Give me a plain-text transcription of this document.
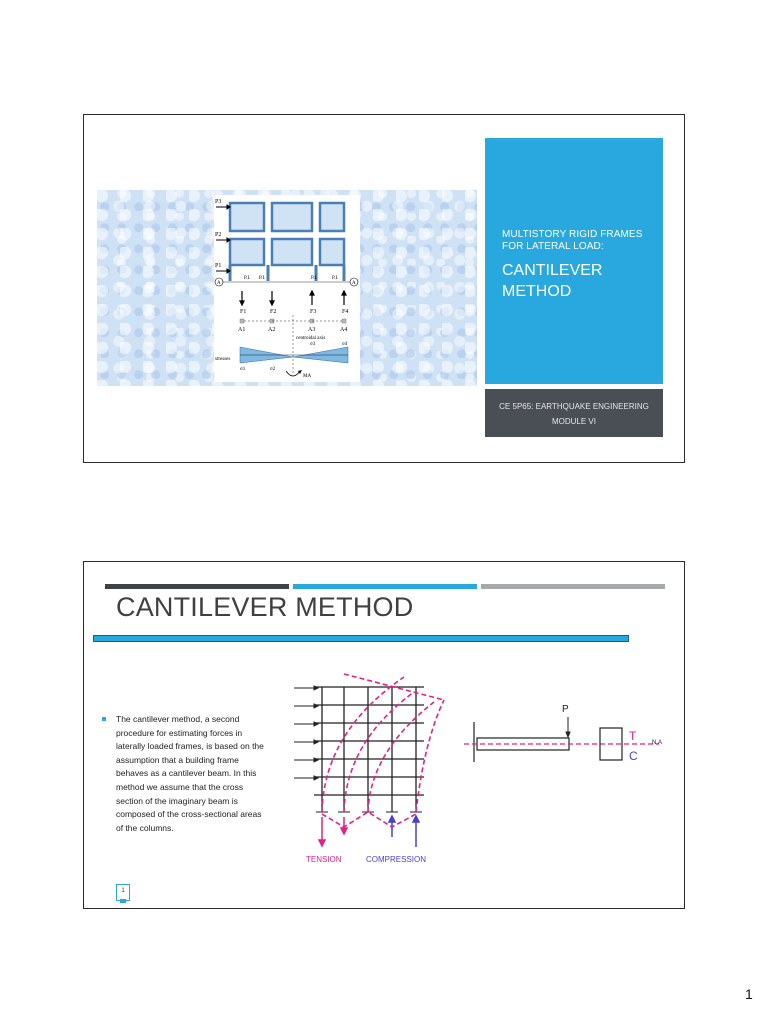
P3
P2
P1
A	A
P.I. P.I.	P.I.	P.I.
F1	F2	F3	F4
A1	A2	A3	A4
centroidal axis
stresses
σ1	σ2
σ3	σ4
MA
MULTISTORY RIGID FRAMES FOR LATERAL LOAD:
CANTILEVER METHOD
CE 5P65: EARTHQUAKE ENGINEERING
MODULE VI
CANTILEVER METHOD

The cantilever method, a second procedure for estimating forces in laterally loaded frames, is based on the assumption that a building frame behaves as a cantilever beam. In this method we assume that the cross section of the imaginary beam is composed of the cross-sectional areas of the columns.

TENSION	COMPRESSION
P
T
C
N.A
1
1
